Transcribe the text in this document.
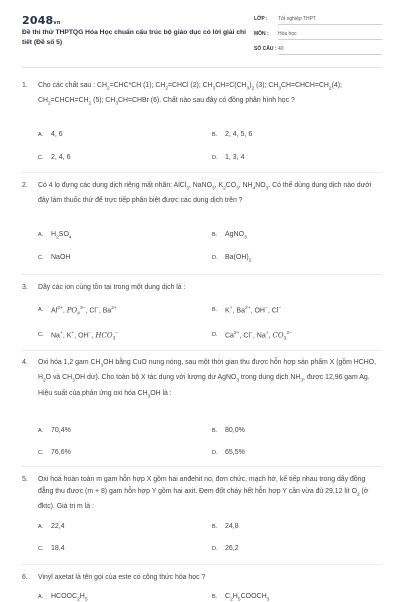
2048vn
Đề thi thử THPTQG Hóa Học chuẩn cấu trúc bộ giáo dục có lời giải chi tiết (Đề số 5)
LỚP : Tốt nghiệp THPT
MÔN : Hóa học
SỐ CÂU : 40
1. Cho các chất sau : $CH_2=CHC*CH$ (1); $CH_2=CHCl$ (2); $CH_3CH=C(CH_3)_2$ (3); $CH_3CH=CHCH=CH_2(4)$; $CH_2=CHCH=CH_2$ (5); $CH_3CH=CHBr$ (6). Chất nào sau đây có đồng phân hình học ?
A. 4, 6	B. 2, 4, 5, 6
C. 2, 4, 6	D. 1, 3, 4
2. Có 4 lọ đựng các dung dịch riêng mất nhãn: AlCl$_3$, NaNO$_3$, $K_2CO_3$, $NH_4NO_3$. Có thể dùng dung dịch nào dưới đây làm thuốc thử để trực tiếp phân biệt được các dung dịch trên ?
A. $H_2SO_4$	B. AgNO$_3$
C. NaOH	D. $Ba(OH)_2$
3. Dãy các ion cùng tồn tại trong một dung dịch là :
A. $Al^{3+}$, $PO_4^{3-}$, Cl−, $Ba^{2+}$	B. K+, $Ba^{2+}$, OH−, Cl−
C. Na+, K+, OH−, $HCO_3^-$	D. $Ca^{2+}$, Cl−, Na+, $CO_3^{2-}$
4. Oxi hóa 1,2 gam $CH_3OH$ bằng CuO nung nóng, sau một thời gian thu được hỗn hợp sản phẩm X (gồm HCHO, $H_2O$ và $CH_3OH$ dư). Cho toàn bộ X tác dụng với lượng dư AgNO$_3$ trong dung dịch $NH_3$, được 12,96 gam Ag. Hiệu suất của phản ứng oxi hóa $CH_3OH$ là :
A. 70,4%	B. 80,0%
C. 76,6%	D. 65,5%
5. Oxi hoá hoàn toàn m gam hỗn hợp X gồm hai anđehit no, đơn chức, mạch hở, kế tiếp nhau trong dãy đồng đẳng thu được (m + 8) gam hỗn hợp Y gồm hai axit. Đem đốt cháy hết hỗn hợp Y cần vừa đủ 29,12 lít $O_2$ (ở đktc). Giá trị m là :
A. 22,4	B. 24,8
C. 18,4	D. 26,2
6. Vinyl axetat là tên gọi của este có công thức hóa học ?
A. $HCOOC_2H_5$	B. $C_2H_5COOCH_3$
